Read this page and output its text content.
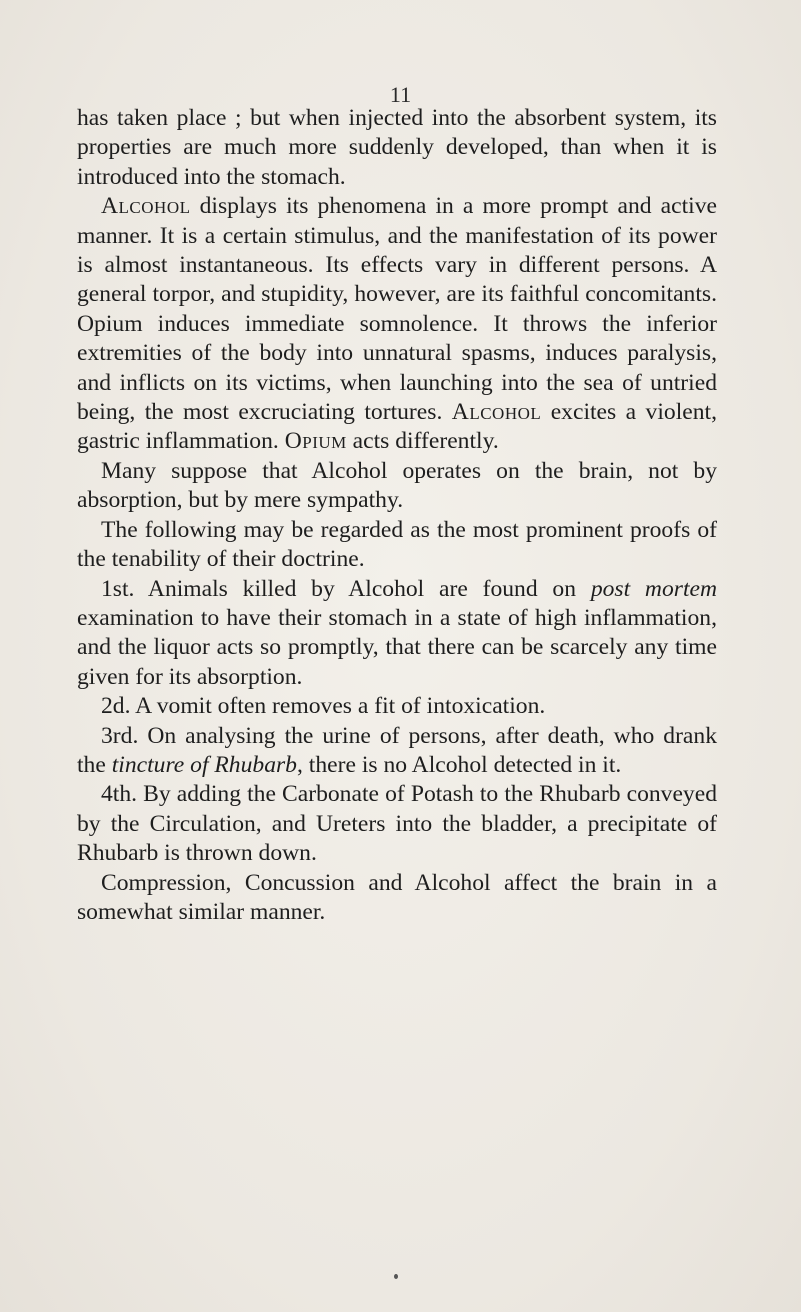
11

has taken place ; but when injected into the absorbent system, its properties are much more suddenly developed, than when it is introduced into the stomach.

Alcohol displays its phenomena in a more prompt and active manner. It is a certain stimulus, and the manifestation of its power is almost instantaneous. Its effects vary in different persons. A general torpor, and stupidity, however, are its faithful concomitants. Opium induces immediate somnolence. It throws the inferior extremities of the body into unnatural spasms, induces paralysis, and inflicts on its victims, when launching into the sea of untried being, the most excruciating tortures. Alcohol excites a violent, gastric inflammation. Opium acts differently.

Many suppose that Alcohol operates on the brain, not by absorption, but by mere sympathy.

The following may be regarded as the most prominent proofs of the tenability of their doctrine.

1st. Animals killed by Alcohol are found on post mortem examination to have their stomach in a state of high inflammation, and the liquor acts so promptly, that there can be scarcely any time given for its absorption.

2d. A vomit often removes a fit of intoxication.

3rd. On analysing the urine of persons, after death, who drank the tincture of Rhubarb, there is no Alcohol detected in it.

4th. By adding the Carbonate of Potash to the Rhubarb conveyed by the Circulation, and Ureters into the bladder, a precipitate of Rhubarb is thrown down.

Compression, Concussion and Alcohol affect the brain in a somewhat similar manner.
